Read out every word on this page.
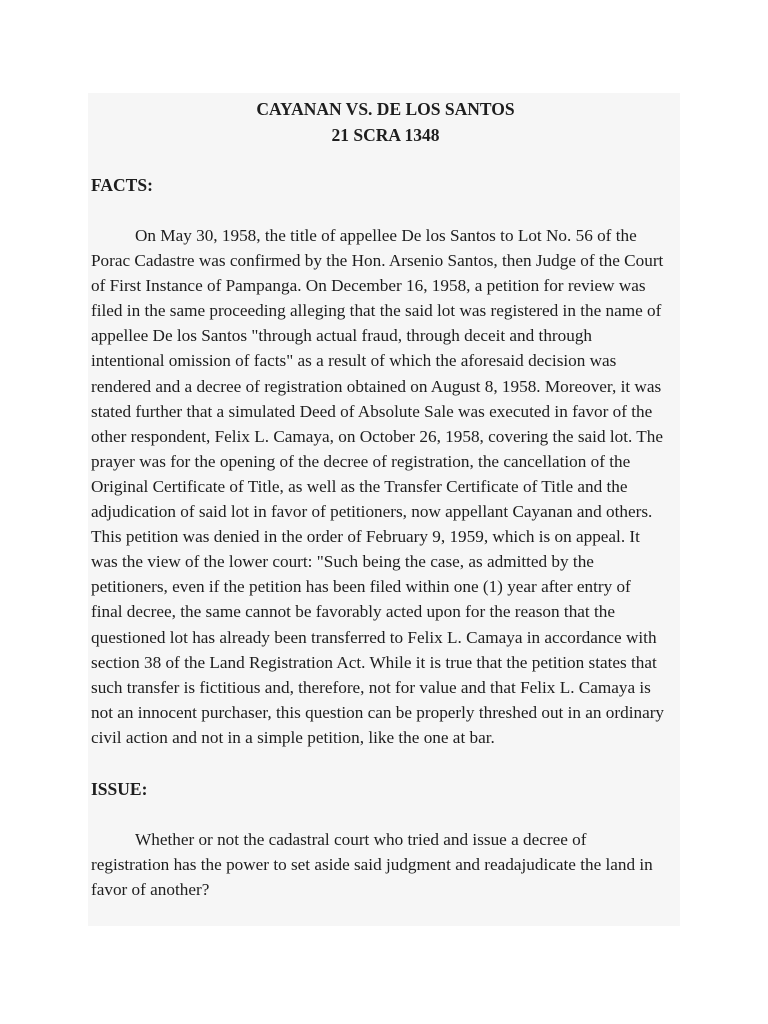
CAYANAN VS. DE LOS SANTOS
21 SCRA 1348
FACTS:
On May 30, 1958, the title of appellee De los Santos to Lot No. 56 of the
Porac Cadastre was confirmed by the Hon. Arsenio Santos, then Judge of the Court
of First Instance of Pampanga. On December 16, 1958, a petition for review was
filed in the same proceeding alleging that the said lot was registered in the name of
appellee De los Santos "through actual fraud, through deceit and through
intentional omission of facts" as a result of which the aforesaid decision was
rendered and a decree of registration obtained on August 8, 1958. Moreover, it was
stated further that a simulated Deed of Absolute Sale was executed in favor of the
other respondent, Felix L. Camaya, on October 26, 1958, covering the said lot. The
prayer was for the opening of the decree of registration, the cancellation of the
Original Certificate of Title, as well as the Transfer Certificate of Title and the
adjudication of said lot in favor of petitioners, now appellant Cayanan and others.
This petition was denied in the order of February 9, 1959, which is on appeal. It
was the view of the lower court: "Such being the case, as admitted by the
petitioners, even if the petition has been filed within one (1) year after entry of
final decree, the same cannot be favorably acted upon for the reason that the
questioned lot has already been transferred to Felix L. Camaya in accordance with
section 38 of the Land Registration Act. While it is true that the petition states that
such transfer is fictitious and, therefore, not for value and that Felix L. Camaya is
not an innocent purchaser, this question can be properly threshed out in an ordinary
civil action and not in a simple petition, like the one at bar.
ISSUE:
Whether or not the cadastral court who tried and issue a decree of
registration has the power to set aside said judgment and readajudicate the land in
favor of another?
